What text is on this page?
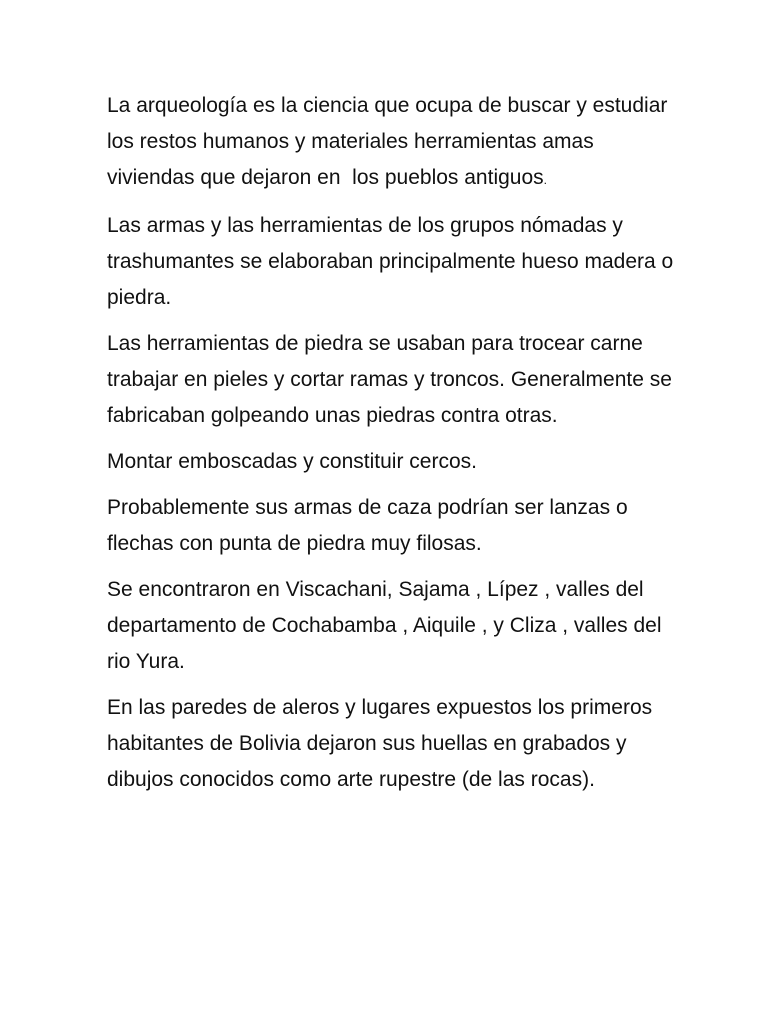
La arqueología es la ciencia que ocupa de buscar y estudiar los restos humanos y materiales herramientas amas viviendas que dejaron en  los pueblos antiguos.

Las armas y las herramientas de los grupos nómadas y trashumantes se elaboraban principalmente hueso madera o piedra.

Las herramientas de piedra se usaban para trocear carne trabajar en pieles y cortar ramas y troncos. Generalmente se fabricaban golpeando unas piedras contra otras.

Montar emboscadas y constituir cercos.

Probablemente sus armas de caza podrían ser lanzas o flechas con punta de piedra muy filosas.

Se encontraron en Viscachani, Sajama , Lípez , valles del departamento de Cochabamba , Aiquile , y Cliza , valles del rio Yura.

En las paredes de aleros y lugares expuestos los primeros habitantes de Bolivia dejaron sus huellas en grabados y dibujos conocidos como arte rupestre (de las rocas).
